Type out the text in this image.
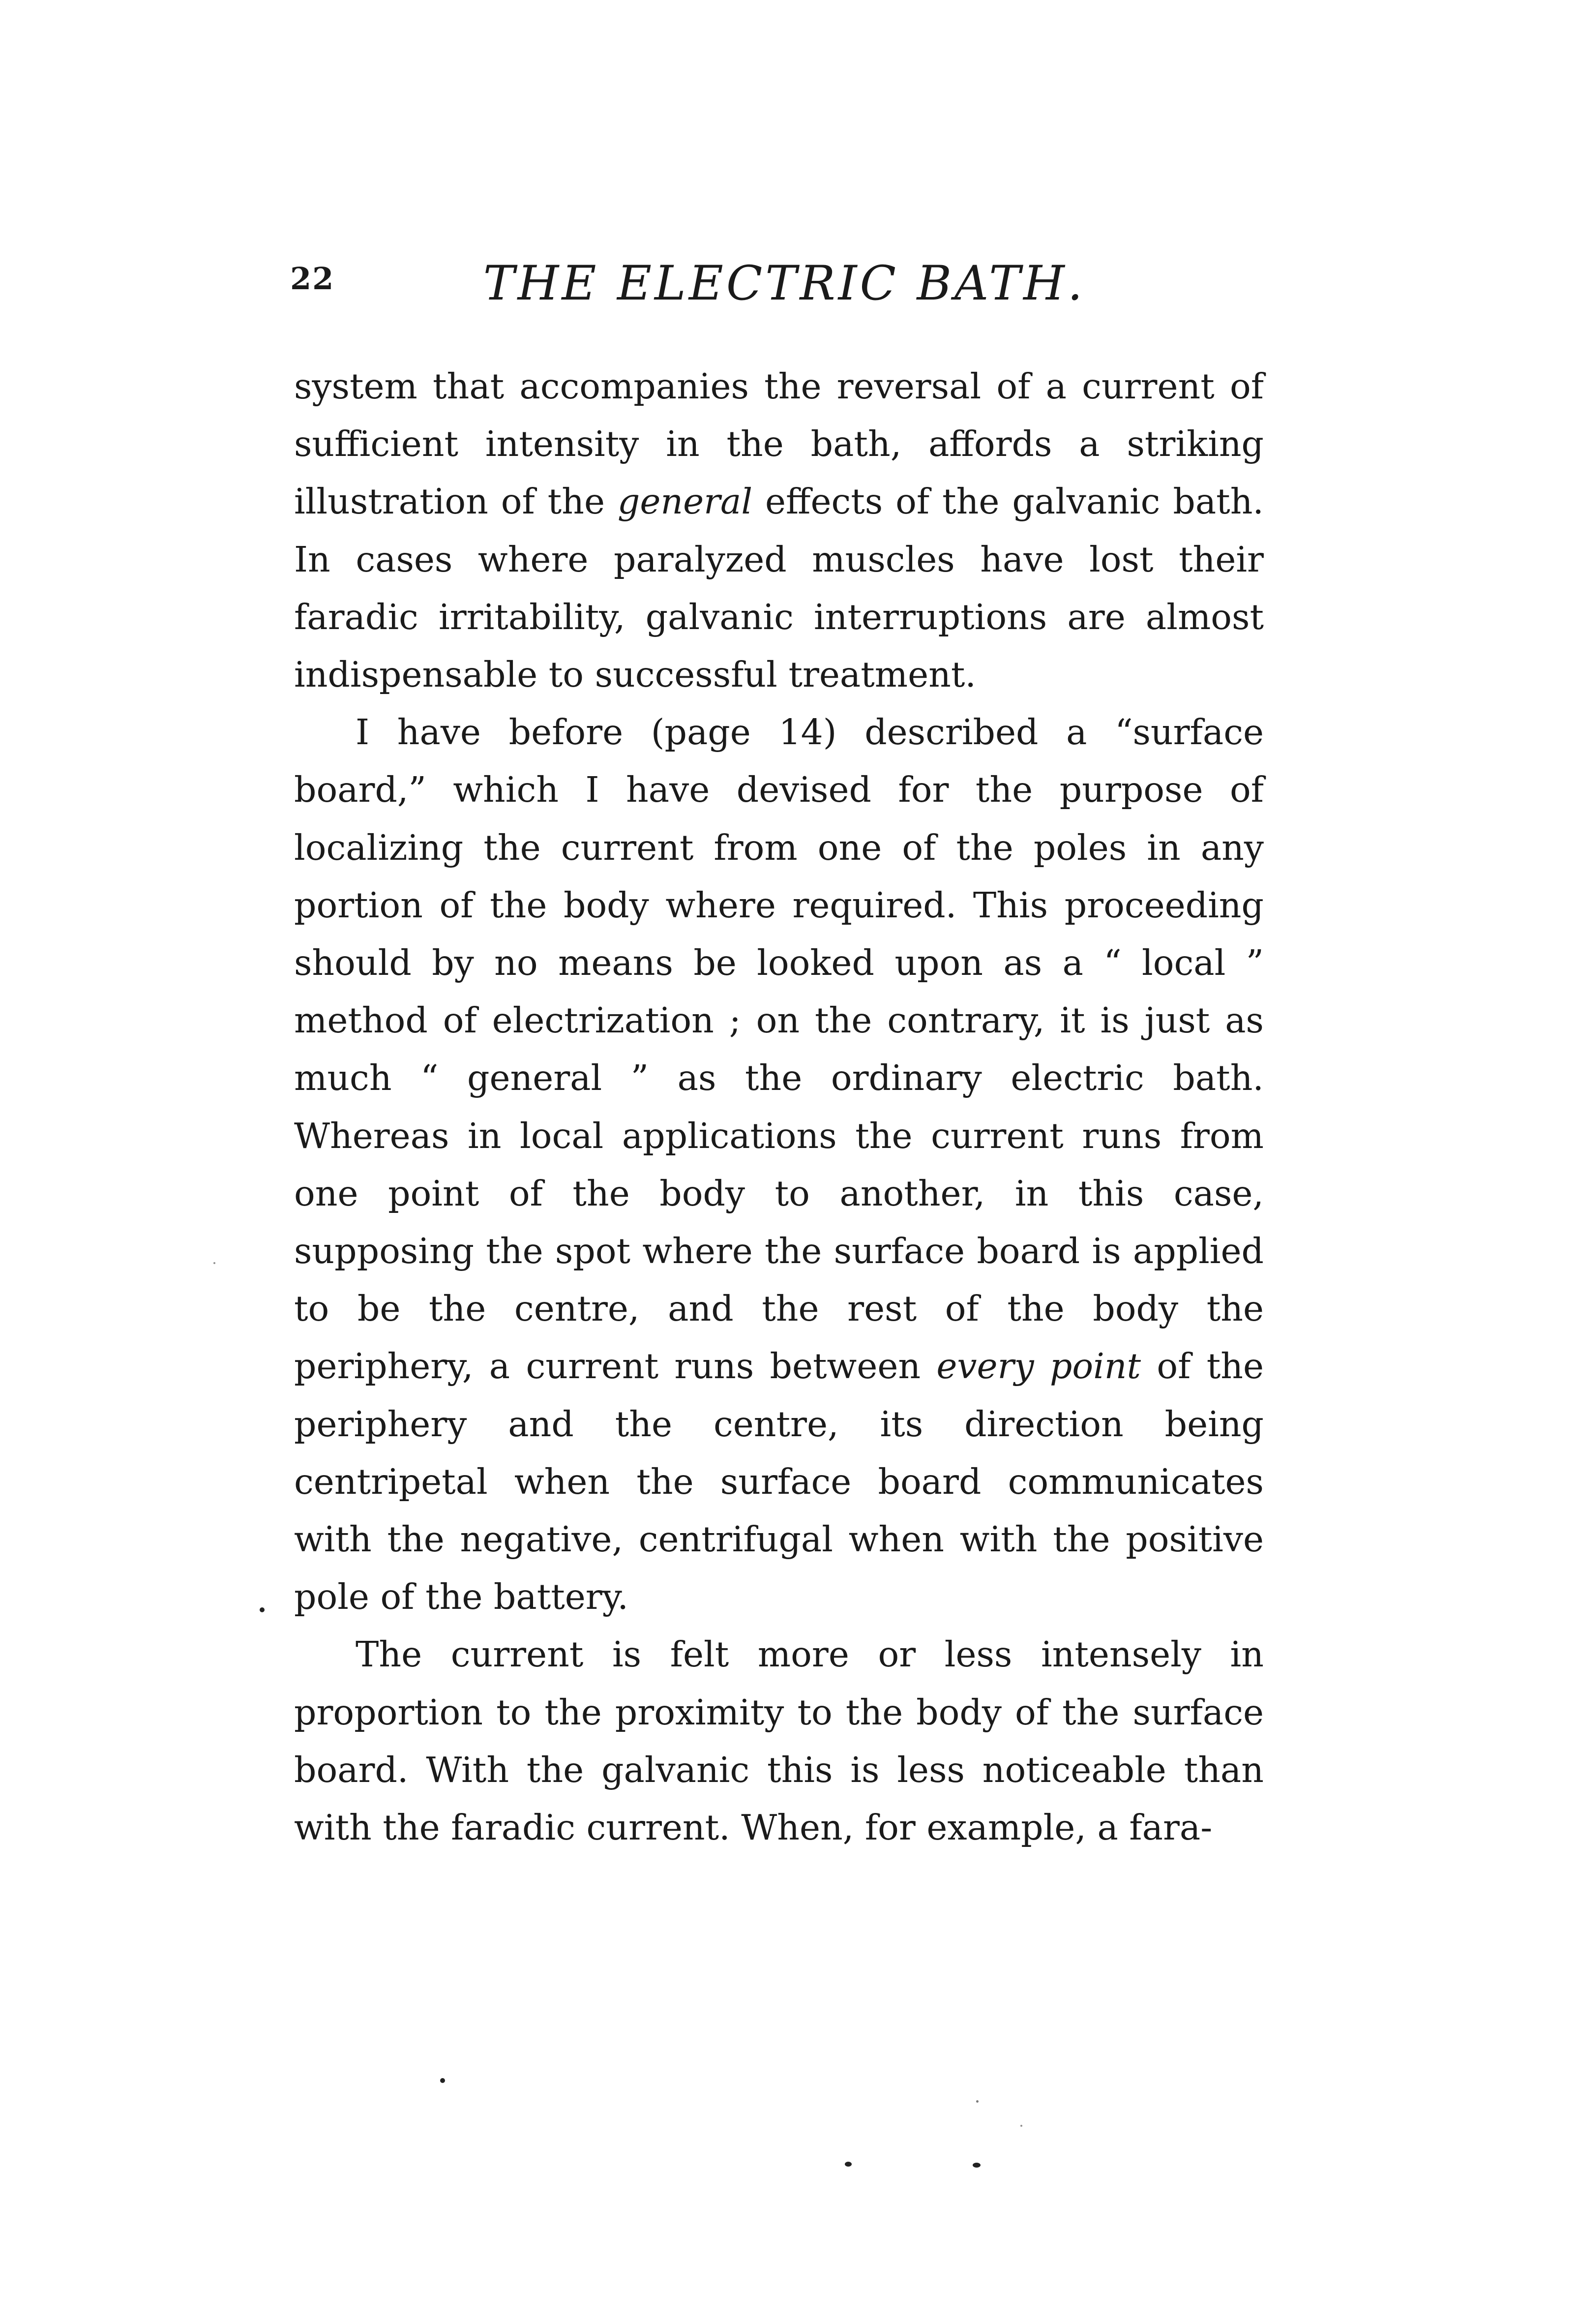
22	THE ELECTRIC BATH.

system that accompanies the reversal of a current of sufficient intensity in the bath, affords a striking illustration of the general effects of the galvanic bath. In cases where paralyzed muscles have lost their faradic irritability, galvanic interruptions are almost indispensable to successful treatment.

I have before (page 14) described a “surface board,” which I have devised for the purpose of localizing the current from one of the poles in any portion of the body where required. This proceeding should by no means be looked upon as a “ local ” method of electrization ; on the contrary, it is just as much “ general ” as the ordinary electric bath. Whereas in local applications the current runs from one point of the body to another, in this case, supposing the spot where the surface board is applied to be the centre, and the rest of the body the periphery, a current runs between every point of the periphery and the centre, its direction being centripetal when the surface board communicates with the negative, centrifugal when with the positive pole of the battery.

The current is felt more or less intensely in proportion to the proximity to the body of the surface board. With the galvanic this is less noticeable than with the faradic current. When, for example, a fara-
